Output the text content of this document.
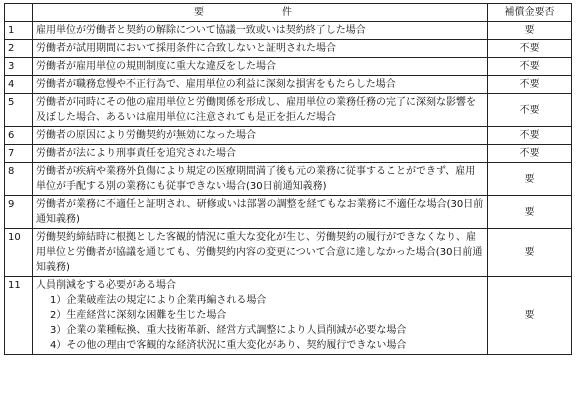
	要　件	補償金要否
1	雇用単位が労働者と契約の解除について協議一致或いは契約終了した場合	要
2	労働者が試用期間において採用条件に合致しないと証明された場合	不要
3	労働者が雇用単位の規則制度に重大な違反をした場合	不要
4	労働者が職務怠慢や不正行為で、雇用単位の利益に深刻な損害をもたらした場合	不要
5	労働者が同時にその他の雇用単位と労働関係を形成し、雇用単位の業務任務の完了に深刻な影響を及ぼした場合、あるいは雇用単位に注意されても是正を拒んだ場合	不要
6	労働者の原因により労働契約が無効になった場合	不要
7	労働者が法により刑事責任を追究された場合	不要
8	労働者が疾病や業務外負傷により規定の医療期間満了後も元の業務に従事することができず、雇用単位が手配する別の業務にも従事できない場合(30日前通知義務)	要
9	労働者が業務に不適任と証明され、研修或いは部署の調整を経てもなお業務に不適任な場合(30日前通知義務)	要
10	労働契約締結時に根拠とした客観的情況に重大な変化が生じ、労働契約の履行ができなくなり、雇用単位と労働者が協議を通じても、労働契約内容の変更について合意に達しなかった場合(30日前通知義務)	要
11	人員削減をする必要がある場合
1）企業破産法の規定により企業再編される場合
2）生産経営に深刻な困難を生じた場合
3）企業の業種転換、重大技術革新、経営方式調整により人員削減が必要な場合
4）その他の理由で客観的な経済状況に重大変化があり、契約履行できない場合	要
